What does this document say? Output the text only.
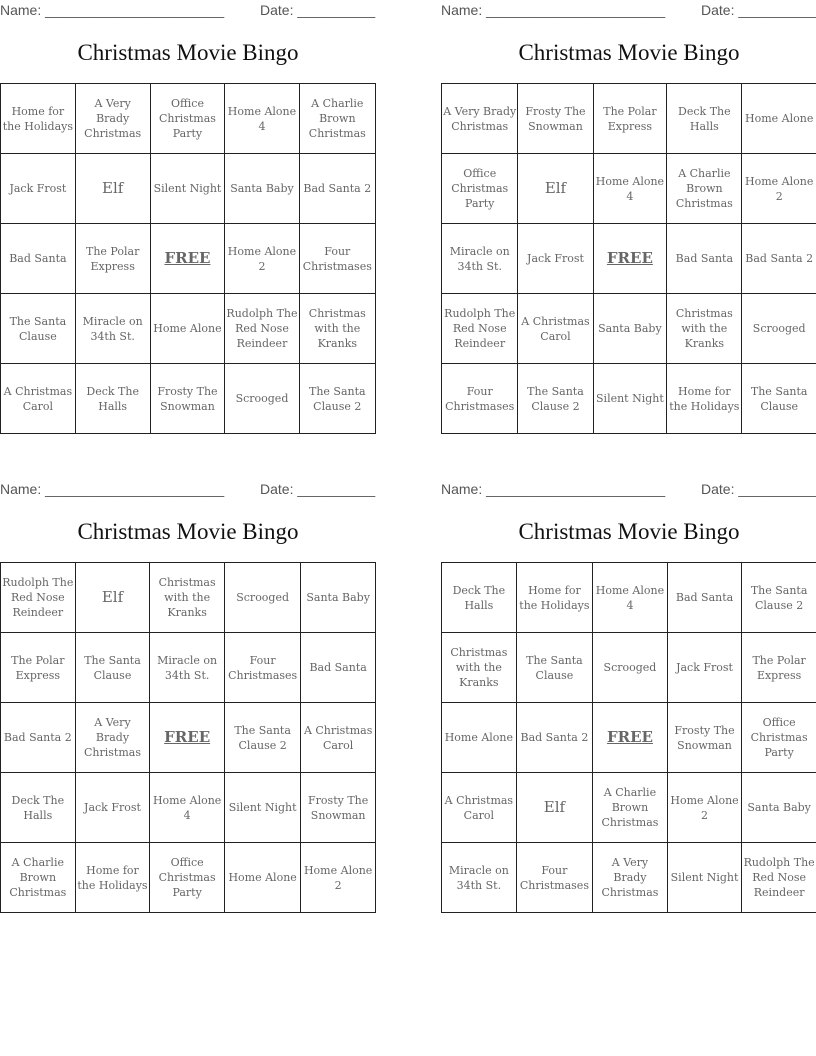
Name: _______________________	Date: __________
Christmas Movie Bingo
Home for the Holidays	A Very Brady Christmas	Office Christmas Party	Home Alone 4	A Charlie Brown Christmas
Jack Frost	Elf	Silent Night	Santa Baby	Bad Santa 2
Bad Santa	The Polar Express	FREE	Home Alone 2	Four Christmases
The Santa Clause	Miracle on 34th St.	Home Alone	Rudolph The Red Nose Reindeer	Christmas with the Kranks
A Christmas Carol	Deck The Halls	Frosty The Snowman	Scrooged	The Santa Clause 2
Name: _______________________	Date: __________
Christmas Movie Bingo
A Very Brady Christmas	Frosty The Snowman	The Polar Express	Deck The Halls	Home Alone
Office Christmas Party	Elf	Home Alone 4	A Charlie Brown Christmas	Home Alone 2
Miracle on 34th St.	Jack Frost	FREE	Bad Santa	Bad Santa 2
Rudolph The Red Nose Reindeer	A Christmas Carol	Santa Baby	Christmas with the Kranks	Scrooged
Four Christmases	The Santa Clause 2	Silent Night	Home for the Holidays	The Santa Clause
Name: _______________________	Date: __________
Christmas Movie Bingo
Rudolph The Red Nose Reindeer	Elf	Christmas with the Kranks	Scrooged	Santa Baby
The Polar Express	The Santa Clause	Miracle on 34th St.	Four Christmases	Bad Santa
Bad Santa 2	A Very Brady Christmas	FREE	The Santa Clause 2	A Christmas Carol
Deck The Halls	Jack Frost	Home Alone 4	Silent Night	Frosty The Snowman
A Charlie Brown Christmas	Home for the Holidays	Office Christmas Party	Home Alone	Home Alone 2
Name: _______________________	Date: __________
Christmas Movie Bingo
Deck The Halls	Home for the Holidays	Home Alone 4	Bad Santa	The Santa Clause 2
Christmas with the Kranks	The Santa Clause	Scrooged	Jack Frost	The Polar Express
Home Alone	Bad Santa 2	FREE	Frosty The Snowman	Office Christmas Party
A Christmas Carol	Elf	A Charlie Brown Christmas	Home Alone 2	Santa Baby
Miracle on 34th St.	Four Christmases	A Very Brady Christmas	Silent Night	Rudolph The Red Nose Reindeer
